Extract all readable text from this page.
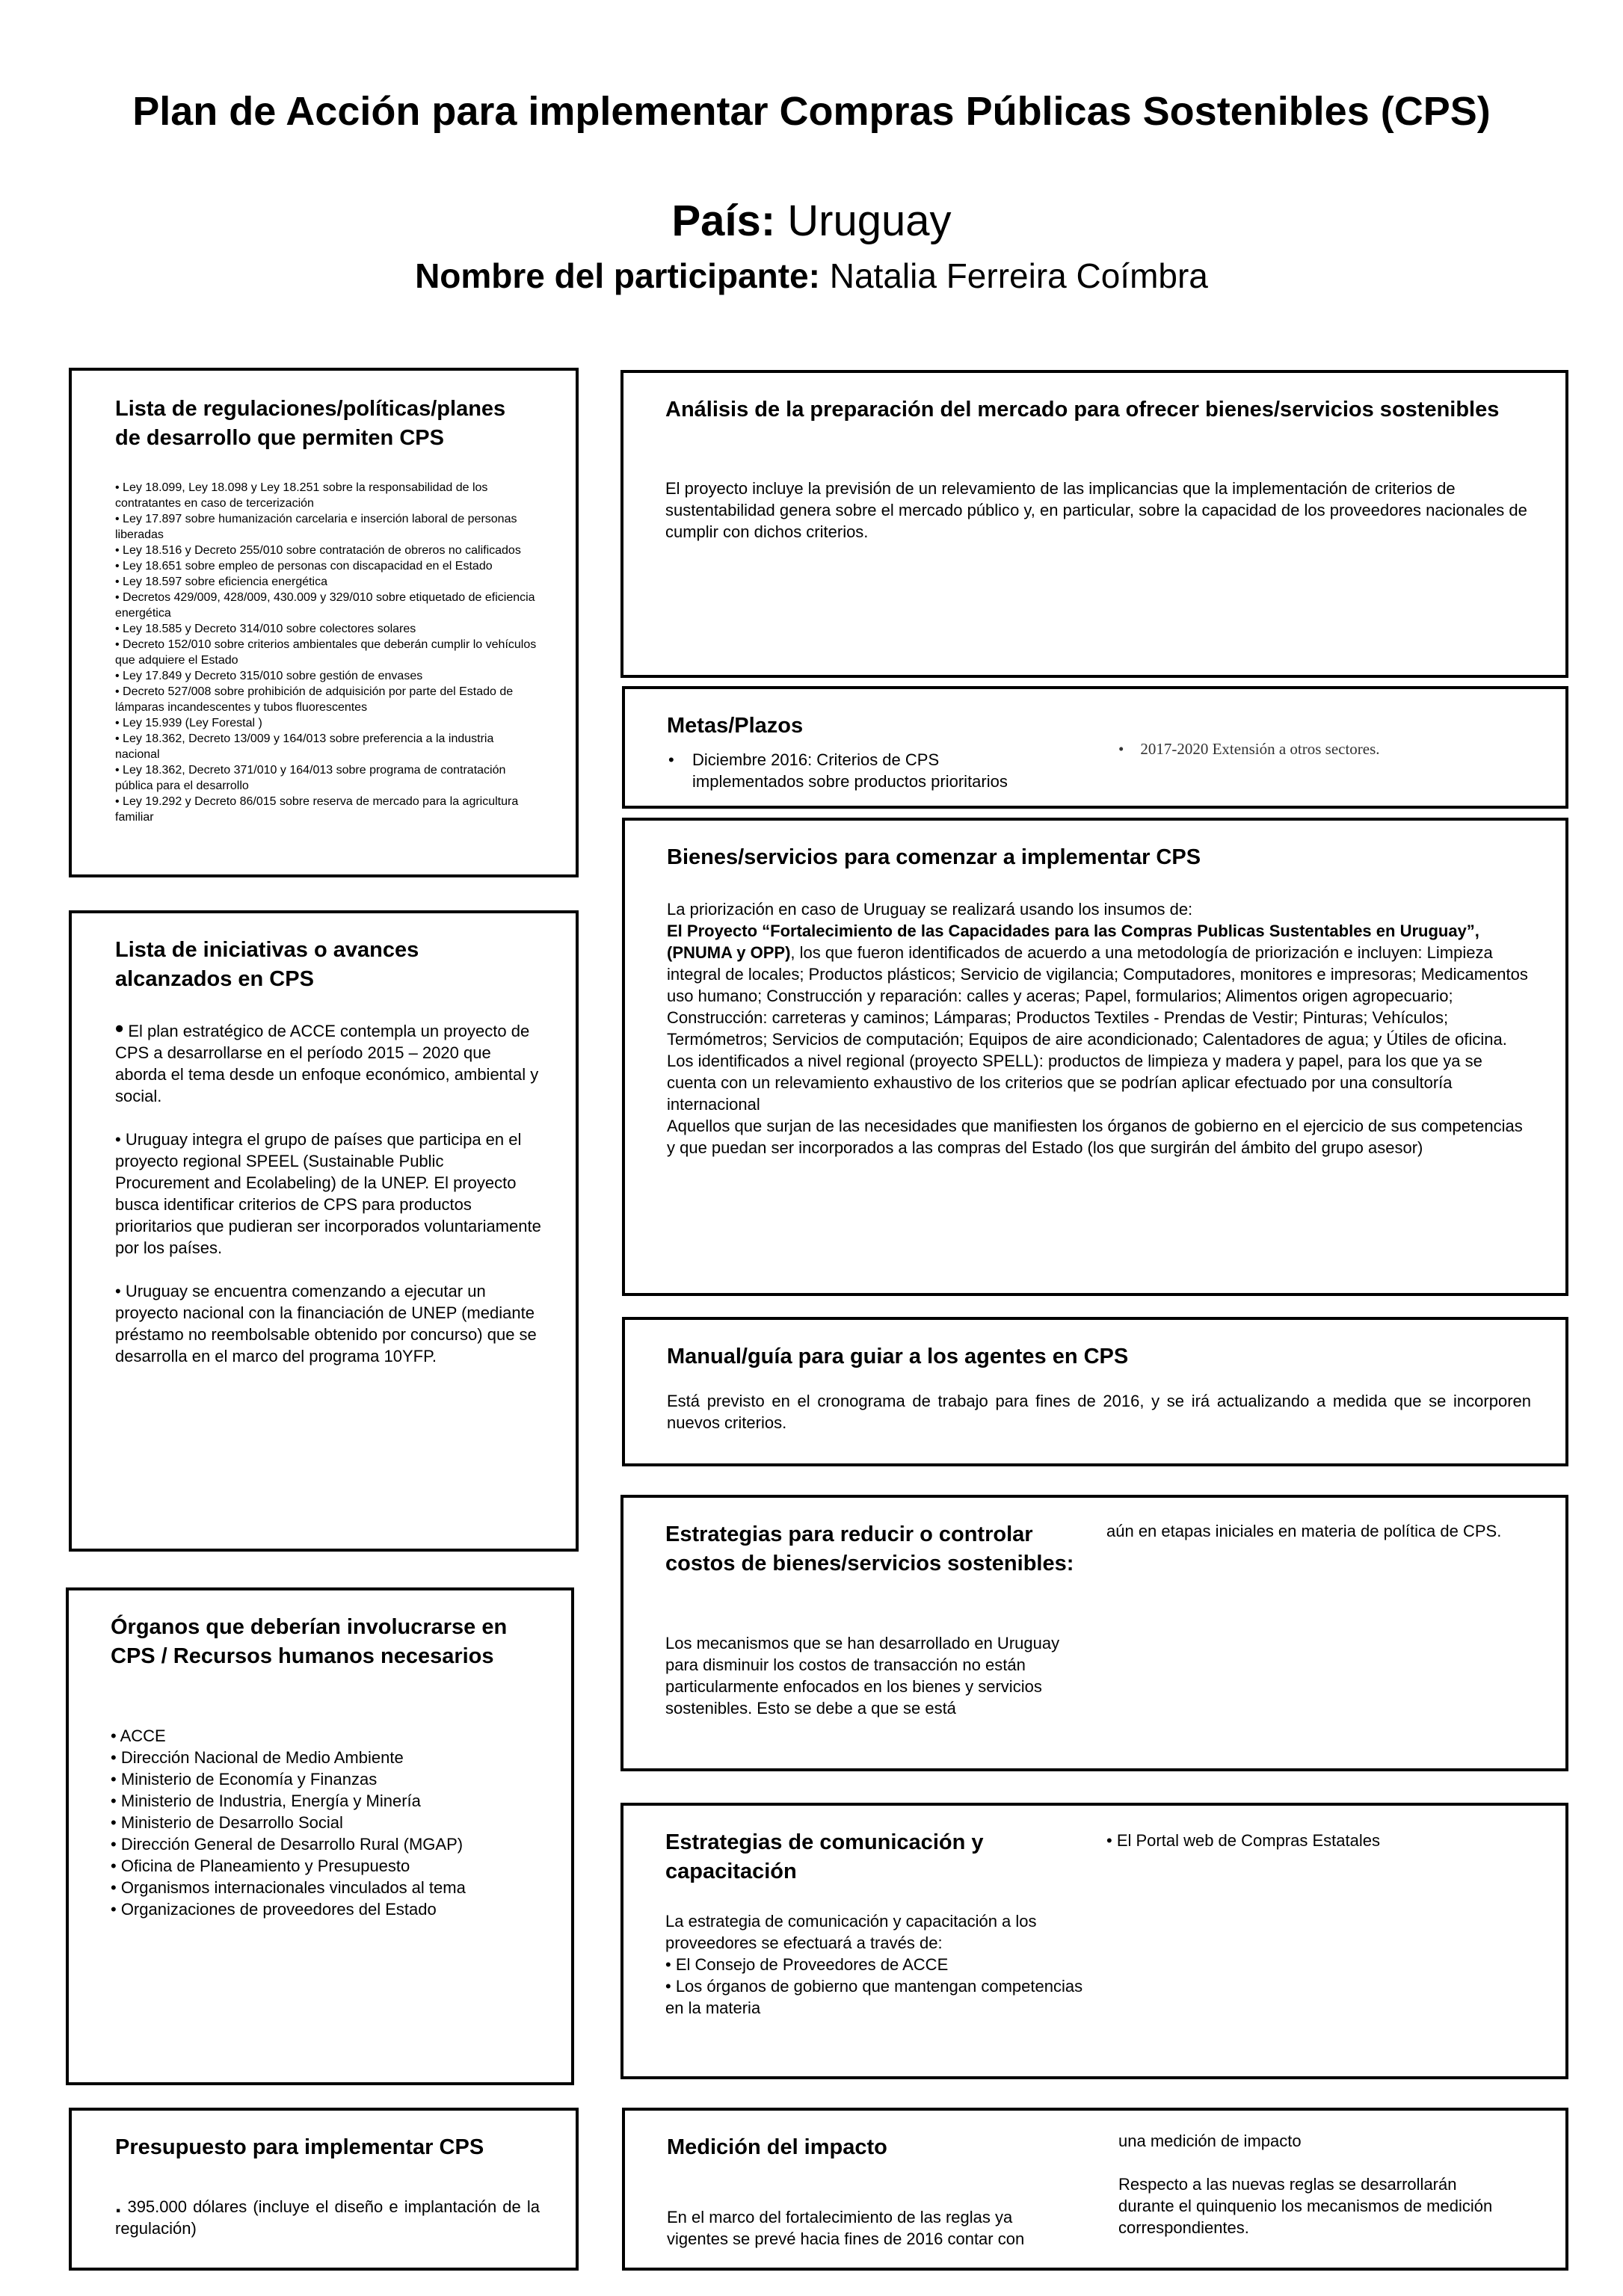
Plan de Acción para implementar Compras Públicas Sostenibles (CPS)
País: Uruguay
Nombre del participante: Natalia Ferreira Coímbra
Lista de regulaciones/políticas/planes de desarrollo que permiten CPS
• Ley 18.099, Ley 18.098 y Ley 18.251 sobre la responsabilidad de los contratantes en caso de tercerización
• Ley 17.897 sobre humanización carcelaria e inserción laboral de personas liberadas
• Ley 18.516 y Decreto 255/010 sobre contratación de obreros no calificados
• Ley 18.651 sobre empleo de personas con discapacidad en el Estado
• Ley 18.597 sobre eficiencia energética
• Decretos 429/009, 428/009, 430.009 y 329/010 sobre etiquetado de eficiencia energética
• Ley 18.585 y Decreto 314/010 sobre colectores solares
• Decreto 152/010 sobre criterios ambientales que deberán cumplir lo vehículos que adquiere el Estado
• Ley 17.849 y Decreto 315/010 sobre gestión de envases
• Decreto 527/008 sobre prohibición de adquisición por parte del Estado de lámparas incandescentes y tubos fluorescentes
• Ley 15.939 (Ley Forestal )
• Ley 18.362, Decreto 13/009 y 164/013 sobre preferencia a la industria nacional
• Ley 18.362, Decreto 371/010 y 164/013 sobre programa de contratación pública para el desarrollo
• Ley 19.292 y Decreto 86/015 sobre reserva de mercado para la agricultura familiar
Análisis de la preparación del mercado para ofrecer bienes/servicios sostenibles
El proyecto incluye la previsión de un relevamiento de las implicancias que la implementación de criterios de sustentabilidad genera sobre el mercado público y, en particular, sobre la capacidad de los proveedores nacionales de cumplir con dichos criterios.
Metas/Plazos
• Diciembre 2016: Criterios de CPS implementados sobre productos prioritarios
• 2017-2020 Extensión a otros sectores.
Lista de iniciativas o avances alcanzados en CPS
• El plan estratégico de ACCE contempla un proyecto de CPS a desarrollarse en el período 2015 – 2020 que aborda el tema desde un enfoque económico, ambiental y social.
• Uruguay integra el grupo de países que participa en el proyecto regional SPEEL (Sustainable Public Procurement and Ecolabeling) de la UNEP. El proyecto busca identificar criterios de CPS para productos prioritarios que pudieran ser incorporados voluntariamente por los países.
• Uruguay se encuentra comenzando a ejecutar un proyecto nacional con la financiación de UNEP (mediante préstamo no reembolsable obtenido por concurso) que se desarrolla en el marco del programa 10YFP.
Bienes/servicios para comenzar a implementar CPS
La priorización en caso de Uruguay se realizará usando los insumos de:
El Proyecto “Fortalecimiento de las Capacidades para las Compras Publicas Sustentables en Uruguay”, (PNUMA y OPP), los que fueron identificados de acuerdo a una metodología de priorización e incluyen: Limpieza integral de locales; Productos plásticos; Servicio de vigilancia; Computadores, monitores e impresoras; Medicamentos uso humano; Construcción y reparación: calles y aceras; Papel, formularios; Alimentos origen agropecuario; Construcción: carreteras y caminos; Lámparas; Productos Textiles - Prendas de Vestir; Pinturas; Vehículos; Termómetros; Servicios de computación; Equipos de aire acondicionado; Calentadores de agua; y Útiles de oficina.
Los identificados a nivel regional (proyecto SPELL): productos de limpieza y madera y papel, para los que ya se cuenta con un relevamiento exhaustivo de los criterios que se podrían aplicar efectuado por una consultoría internacional
Aquellos que surjan de las necesidades que manifiesten los órganos de gobierno en el ejercicio de sus competencias y que puedan ser incorporados a las compras del Estado (los que surgirán del ámbito del grupo asesor)
Manual/guía para guiar a los agentes en CPS
Está previsto en el cronograma de trabajo para fines de 2016, y se irá actualizando a medida que se incorporen nuevos criterios.
Estrategias para reducir o controlar costos de bienes/servicios sostenibles:
Los mecanismos que se han desarrollado en Uruguay para disminuir los costos de transacción no están particularmente enfocados en los bienes y servicios sostenibles. Esto se debe a que se está
aún en etapas iniciales en materia de política de CPS.
Órganos que deberían involucrarse en CPS / Recursos humanos necesarios
• ACCE
• Dirección Nacional de Medio Ambiente
• Ministerio de Economía y Finanzas
• Ministerio de Industria, Energía y Minería
• Ministerio de Desarrollo Social
• Dirección General de Desarrollo Rural (MGAP)
• Oficina de Planeamiento y Presupuesto
• Organismos internacionales vinculados al tema
• Organizaciones de proveedores del Estado
Estrategias de comunicación y capacitación
La estrategia de comunicación y capacitación a los proveedores se efectuará a través de:
• El Consejo de Proveedores de ACCE
• Los órganos de gobierno que mantengan competencias en la materia
• El Portal web de Compras Estatales
Presupuesto para implementar CPS
. 395.000 dólares (incluye el diseño e implantación de la regulación)
Medición del impacto
En el marco del fortalecimiento de las reglas ya vigentes se prevé hacia fines de 2016 contar con
una medición de impacto
Respecto a las nuevas reglas se desarrollarán durante el quinquenio los mecanismos de medición correspondientes.
